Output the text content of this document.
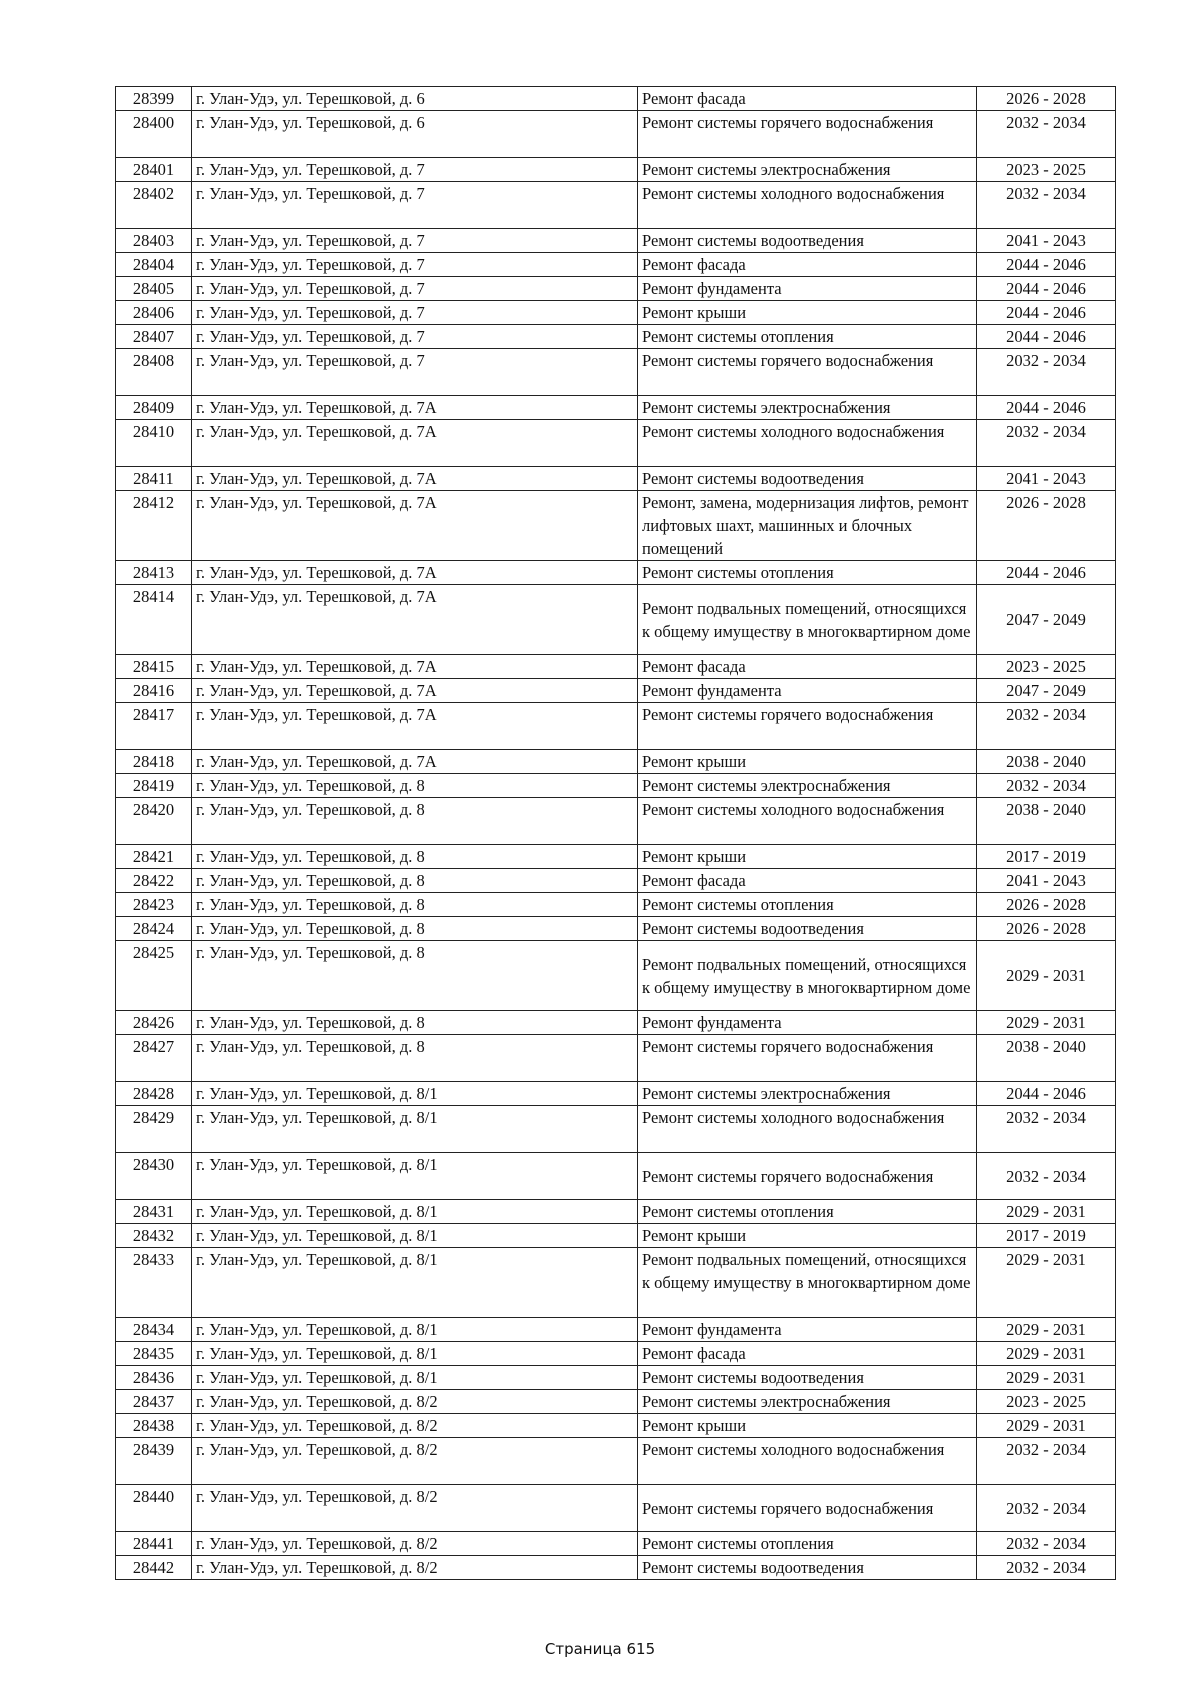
28399	г. Улан-Удэ, ул. Терешковой, д. 6	Ремонт фасада	2026 - 2028
28400	г. Улан-Удэ, ул. Терешковой, д. 6	Ремонт системы горячего водоснабжения	2032 - 2034
28401	г. Улан-Удэ, ул. Терешковой, д. 7	Ремонт системы электроснабжения	2023 - 2025
28402	г. Улан-Удэ, ул. Терешковой, д. 7	Ремонт системы холодного водоснабжения	2032 - 2034
28403	г. Улан-Удэ, ул. Терешковой, д. 7	Ремонт системы водоотведения	2041 - 2043
28404	г. Улан-Удэ, ул. Терешковой, д. 7	Ремонт фасада	2044 - 2046
28405	г. Улан-Удэ, ул. Терешковой, д. 7	Ремонт фундамента	2044 - 2046
28406	г. Улан-Удэ, ул. Терешковой, д. 7	Ремонт крыши	2044 - 2046
28407	г. Улан-Удэ, ул. Терешковой, д. 7	Ремонт системы отопления	2044 - 2046
28408	г. Улан-Удэ, ул. Терешковой, д. 7	Ремонт системы горячего водоснабжения	2032 - 2034
28409	г. Улан-Удэ, ул. Терешковой, д. 7А	Ремонт системы электроснабжения	2044 - 2046
28410	г. Улан-Удэ, ул. Терешковой, д. 7А	Ремонт системы холодного водоснабжения	2032 - 2034
28411	г. Улан-Удэ, ул. Терешковой, д. 7А	Ремонт системы водоотведения	2041 - 2043
28412	г. Улан-Удэ, ул. Терешковой, д. 7А	Ремонт, замена, модернизация лифтов, ремонт лифтовых шахт, машинных и блочных помещений	2026 - 2028
28413	г. Улан-Удэ, ул. Терешковой, д. 7А	Ремонт системы отопления	2044 - 2046
28414	г. Улан-Удэ, ул. Терешковой, д. 7А	Ремонт подвальных помещений, относящихся к общему имуществу в многоквартирном доме	2047 - 2049
28415	г. Улан-Удэ, ул. Терешковой, д. 7А	Ремонт фасада	2023 - 2025
28416	г. Улан-Удэ, ул. Терешковой, д. 7А	Ремонт фундамента	2047 - 2049
28417	г. Улан-Удэ, ул. Терешковой, д. 7А	Ремонт системы горячего водоснабжения	2032 - 2034
28418	г. Улан-Удэ, ул. Терешковой, д. 7А	Ремонт крыши	2038 - 2040
28419	г. Улан-Удэ, ул. Терешковой, д. 8	Ремонт системы электроснабжения	2032 - 2034
28420	г. Улан-Удэ, ул. Терешковой, д. 8	Ремонт системы холодного водоснабжения	2038 - 2040
28421	г. Улан-Удэ, ул. Терешковой, д. 8	Ремонт крыши	2017 - 2019
28422	г. Улан-Удэ, ул. Терешковой, д. 8	Ремонт фасада	2041 - 2043
28423	г. Улан-Удэ, ул. Терешковой, д. 8	Ремонт системы отопления	2026 - 2028
28424	г. Улан-Удэ, ул. Терешковой, д. 8	Ремонт системы водоотведения	2026 - 2028
28425	г. Улан-Удэ, ул. Терешковой, д. 8	Ремонт подвальных помещений, относящихся к общему имуществу в многоквартирном доме	2029 - 2031
28426	г. Улан-Удэ, ул. Терешковой, д. 8	Ремонт фундамента	2029 - 2031
28427	г. Улан-Удэ, ул. Терешковой, д. 8	Ремонт системы горячего водоснабжения	2038 - 2040
28428	г. Улан-Удэ, ул. Терешковой, д. 8/1	Ремонт системы электроснабжения	2044 - 2046
28429	г. Улан-Удэ, ул. Терешковой, д. 8/1	Ремонт системы холодного водоснабжения	2032 - 2034
28430	г. Улан-Удэ, ул. Терешковой, д. 8/1	Ремонт системы горячего водоснабжения	2032 - 2034
28431	г. Улан-Удэ, ул. Терешковой, д. 8/1	Ремонт системы отопления	2029 - 2031
28432	г. Улан-Удэ, ул. Терешковой, д. 8/1	Ремонт крыши	2017 - 2019
28433	г. Улан-Удэ, ул. Терешковой, д. 8/1	Ремонт подвальных помещений, относящихся к общему имуществу в многоквартирном доме	2029 - 2031
28434	г. Улан-Удэ, ул. Терешковой, д. 8/1	Ремонт фундамента	2029 - 2031
28435	г. Улан-Удэ, ул. Терешковой, д. 8/1	Ремонт фасада	2029 - 2031
28436	г. Улан-Удэ, ул. Терешковой, д. 8/1	Ремонт системы водоотведения	2029 - 2031
28437	г. Улан-Удэ, ул. Терешковой, д. 8/2	Ремонт системы электроснабжения	2023 - 2025
28438	г. Улан-Удэ, ул. Терешковой, д. 8/2	Ремонт крыши	2029 - 2031
28439	г. Улан-Удэ, ул. Терешковой, д. 8/2	Ремонт системы холодного водоснабжения	2032 - 2034
28440	г. Улан-Удэ, ул. Терешковой, д. 8/2	Ремонт системы горячего водоснабжения	2032 - 2034
28441	г. Улан-Удэ, ул. Терешковой, д. 8/2	Ремонт системы отопления	2032 - 2034
28442	г. Улан-Удэ, ул. Терешковой, д. 8/2	Ремонт системы водоотведения	2032 - 2034
Страница 615
